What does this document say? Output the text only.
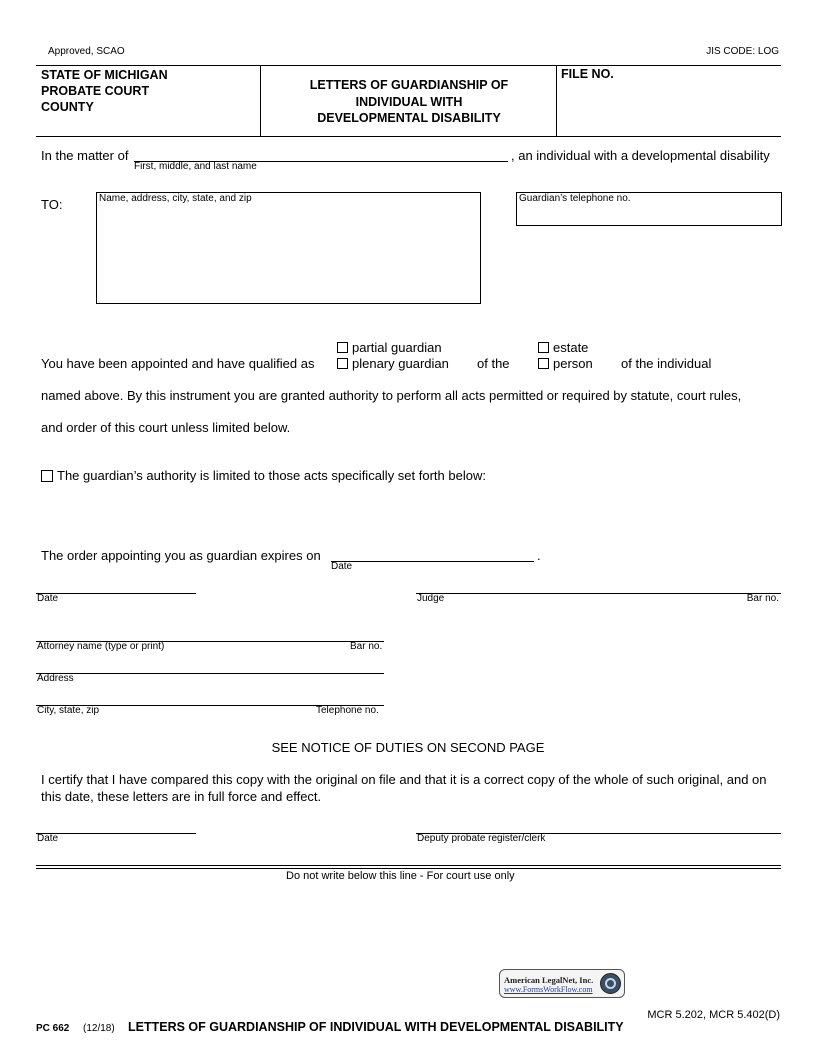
Approved, SCAO	JIS CODE: LOG
STATE OF MICHIGAN
PROBATE COURT
COUNTY
LETTERS OF GUARDIANSHIP OF
INDIVIDUAL WITH
DEVELOPMENTAL DISABILITY
FILE NO.
In the matter of
First, middle, and last name
, an individual with a developmental disability
TO:	Name, address, city, state, and zip	Guardian’s telephone no.
partial guardian	estate
You have been appointed and have qualified as	plenary guardian of the	person of the individual
named above. By this instrument you are granted authority to perform all acts permitted or required by statute, court rules,
and order of this court unless limited below.
The guardian’s authority is limited to those acts specifically set forth below:
The order appointing you as guardian expires on	.
Date
Date	Judge	Bar no.
Attorney name (type or print)	Bar no.
Address
City, state, zip	Telephone no.
SEE NOTICE OF DUTIES ON SECOND PAGE
I certify that I have compared this copy with the original on file and that it is a correct copy of the whole of such original, and on
this date, these letters are in full force and effect.
Date	Deputy probate register/clerk
Do not write below this line - For court use only
American LegalNet, Inc.
www.FormsWorkFlow.com
MCR 5.202, MCR 5.402(D)
PC 662 (12/18) LETTERS OF GUARDIANSHIP OF INDIVIDUAL WITH DEVELOPMENTAL DISABILITY
